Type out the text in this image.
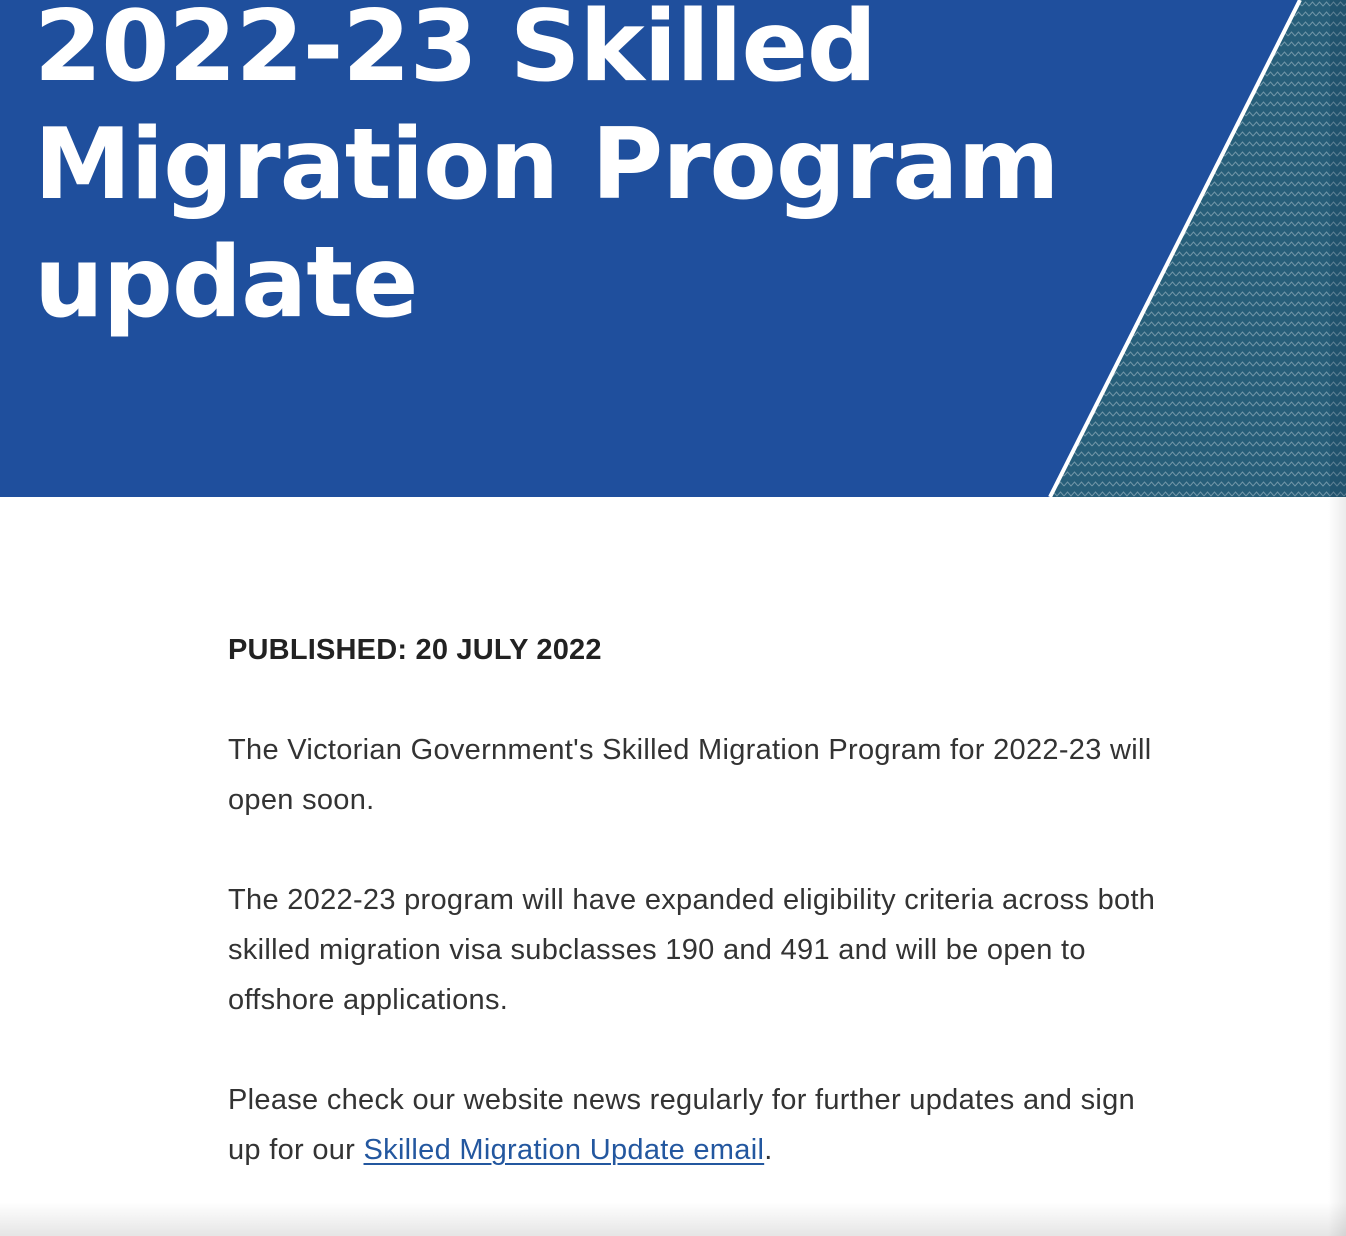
2022-23 Skilled
Migration Program
update

PUBLISHED: 20 JULY 2022

The Victorian Government's Skilled Migration Program for 2022-23 will open soon.

The 2022-23 program will have expanded eligibility criteria across both skilled migration visa subclasses 190 and 491 and will be open to offshore applications.

Please check our website news regularly for further updates and sign up for our Skilled Migration Update email.
